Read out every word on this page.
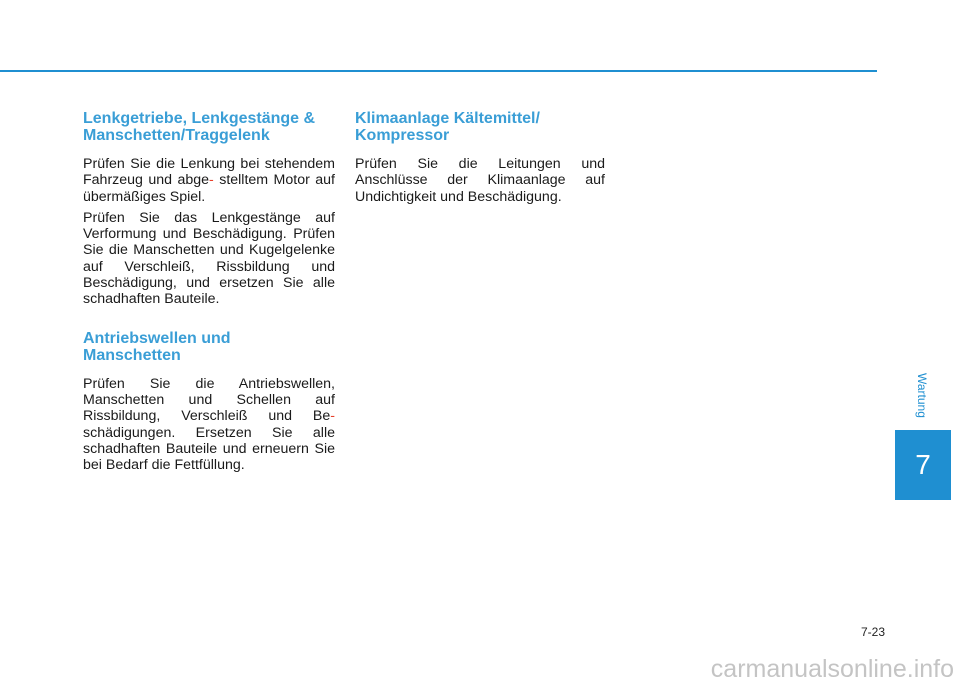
Lenkgetriebe, Lenkgestänge &
Manschetten/Traggelenk

Prüfen Sie die Lenkung bei stehendem Fahrzeug und abge- stelltem Motor auf übermäßiges Spiel.

Prüfen Sie das Lenkgestänge auf Verformung und Beschädigung. Prüfen Sie die Manschetten und Kugelgelenke auf Verschleiß, Rissbildung und Beschädigung, und ersetzen Sie alle schadhaften Bauteile.

Antriebswellen und
Manschetten

Prüfen Sie die Antriebswellen, Manschetten und Schellen auf Rissbildung, Verschleiß und Be- schädigungen. Ersetzen Sie alle schadhaften Bauteile und erneuern Sie bei Bedarf die Fettfüllung.

Klimaanlage Kältemittel/
Kompressor

Prüfen Sie die Leitungen und Anschlüsse der Klimaanlage auf Undichtigkeit und Beschädigung.

Wartung
7
7-23
carmanualsonline.info
